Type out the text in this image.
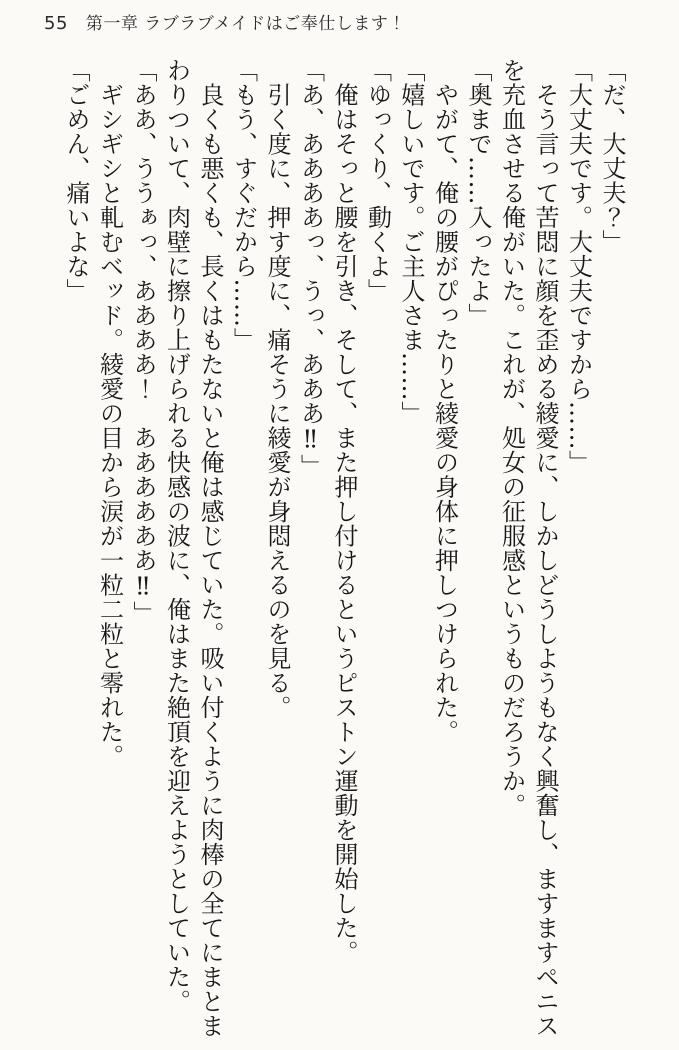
55 第一章 ラブラブメイドはご奉仕します！
「だ、大丈夫？」
「大丈夫です。大丈夫ですから……」
　そう言って苦悶に顔を歪める綾愛に、しかしどうしようもなく興奮し、ますますペニス
を充血させる俺がいた。これが、処女の征服感というものだろうか。
「奥まで……入ったよ」
　やがて、俺の腰がぴったりと綾愛の身体に押しつけられた。
「嬉しいです。ご主人さま……」
「ゆっくり、動くよ」
　俺はそっと腰を引き、そして、また押し付けるというピストン運動を開始した。
「あ、ああああっ、うっ、あああ‼」
　引く度に、押す度に、痛そうに綾愛が身悶えるのを見る。
「もう、すぐだから……」
　良くも悪くも、長くはもたないと俺は感じていた。吸い付くように肉棒の全てにまとま
わりついて、肉壁に擦り上げられる快感の波に、俺はまた絶頂を迎えようとしていた。
「ああ、ううぁっ、ああああ！　ああああああ‼」
　ギシギシと軋むベッド。綾愛の目から涙が一粒二粒と零れた。
「ごめん、痛いよな」
